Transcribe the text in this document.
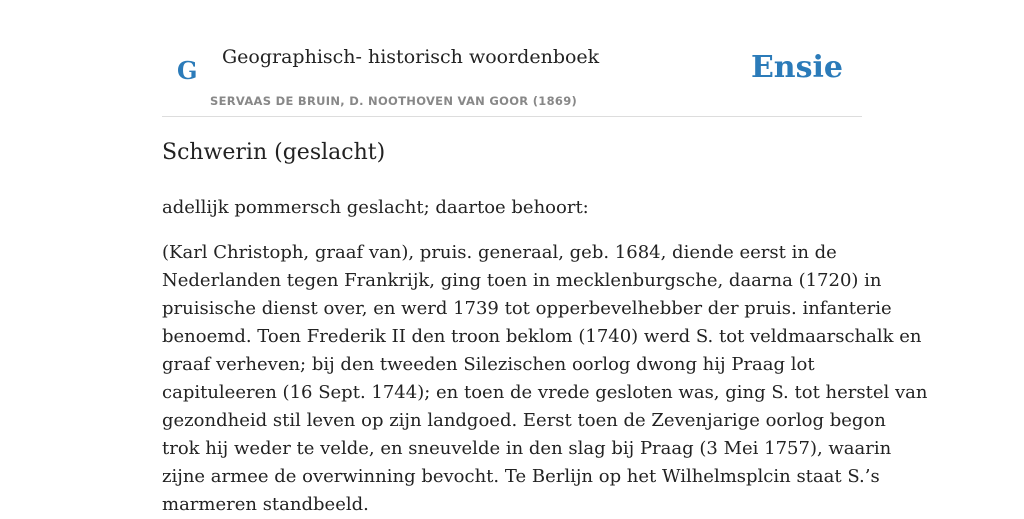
G Geographisch- historisch woordenboek
SERVAAS DE BRUIN, D. NOOTHOVEN VAN GOOR (1869)
Ensie
Schwerin (geslacht)

adellijk pommersch geslacht; daartoe behoort:

(Karl Christoph, graaf van), pruis. generaal, geb. 1684, diende eerst in de
Nederlanden tegen Frankrijk, ging toen in mecklenburgsche, daarna (1720) in
pruisische dienst over, en werd 1739 tot opperbevelhebber der pruis. infanterie
benoemd. Toen Frederik II den troon beklom (1740) werd S. tot veldmaarschalk en
graaf verheven; bij den tweeden Silezischen oorlog dwong hij Praag lot
capituleeren (16 Sept. 1744); en toen de vrede gesloten was, ging S. tot herstel van
gezondheid stil leven op zijn landgoed. Eerst toen de Zevenjarige oorlog begon
trok hij weder te velde, en sneuvelde in den slag bij Praag (3 Mei 1757), waarin
zijne armee de overwinning bevocht. Te Berlijn op het Wilhelmsplcin staat S.’s
marmeren standbeeld.
